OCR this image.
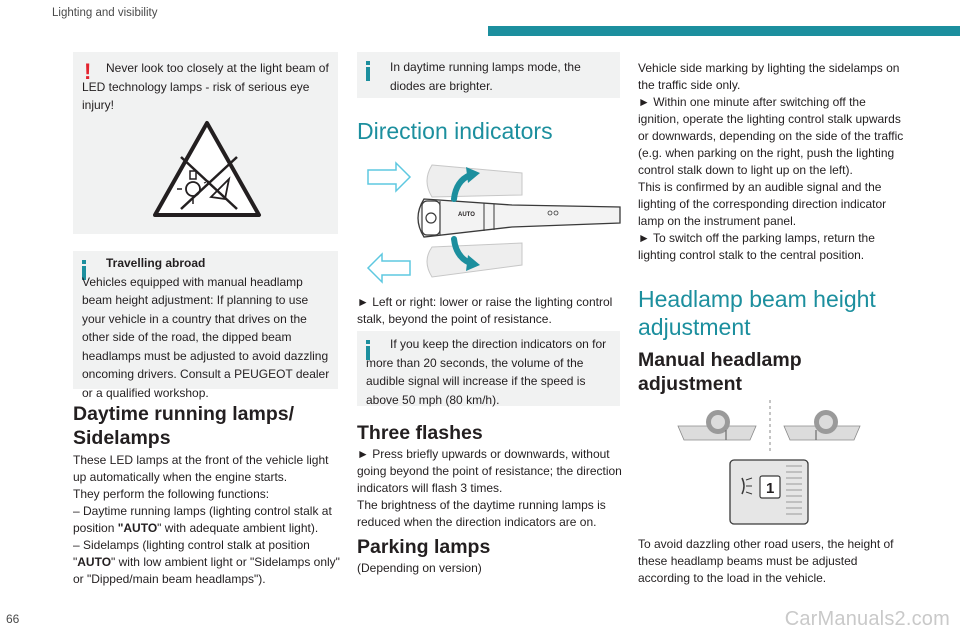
Lighting and visibility
!	Never look too closely at the light beam of LED technology lamps - risk of serious eye injury!

Travelling abroad

Vehicles equipped with manual headlamp beam height adjustment: If planning to use your vehicle in a country that drives on the other side of the road, the dipped beam headlamps must be adjusted to avoid dazzling oncoming drivers. Consult a PEUGEOT dealer or a qualified workshop.

Daytime running lamps/ Sidelamps

These LED lamps at the front of the vehicle light up automatically when the engine starts.

They perform the following functions:

– Daytime running lamps (lighting control stalk at position "AUTO" with adequate ambient light).

– Sidelamps (lighting control stalk at position "AUTO" with low ambient light or "Sidelamps only" or "Dipped/main beam headlamps").

In daytime running lamps mode, the diodes are brighter.

Direction indicators
AUTO
► Left or right: lower or raise the lighting control stalk, beyond the point of resistance.

If you keep the direction indicators on for more than 20 seconds, the volume of the audible signal will increase if the speed is above 50 mph (80 km/h).

Three flashes

► Press briefly upwards or downwards, without going beyond the point of resistance; the direction indicators will flash 3 times.

The brightness of the daytime running lamps is reduced when the direction indicators are on.

Parking lamps
(Depending on version)

Vehicle side marking by lighting the sidelamps on the traffic side only.

► Within one minute after switching off the ignition, operate the lighting control stalk upwards or downwards, depending on the side of the traffic (e.g. when parking on the right, push the lighting control stalk down to light up on the left).

This is confirmed by an audible signal and the lighting of the corresponding direction indicator lamp on the instrument panel.

► To switch off the parking lamps, return the lighting control stalk to the central position.

Headlamp beam height adjustment
Manual headlamp adjustment
1
To avoid dazzling other road users, the height of these headlamp beams must be adjusted according to the load in the vehicle.
66	CarManuals2.com
